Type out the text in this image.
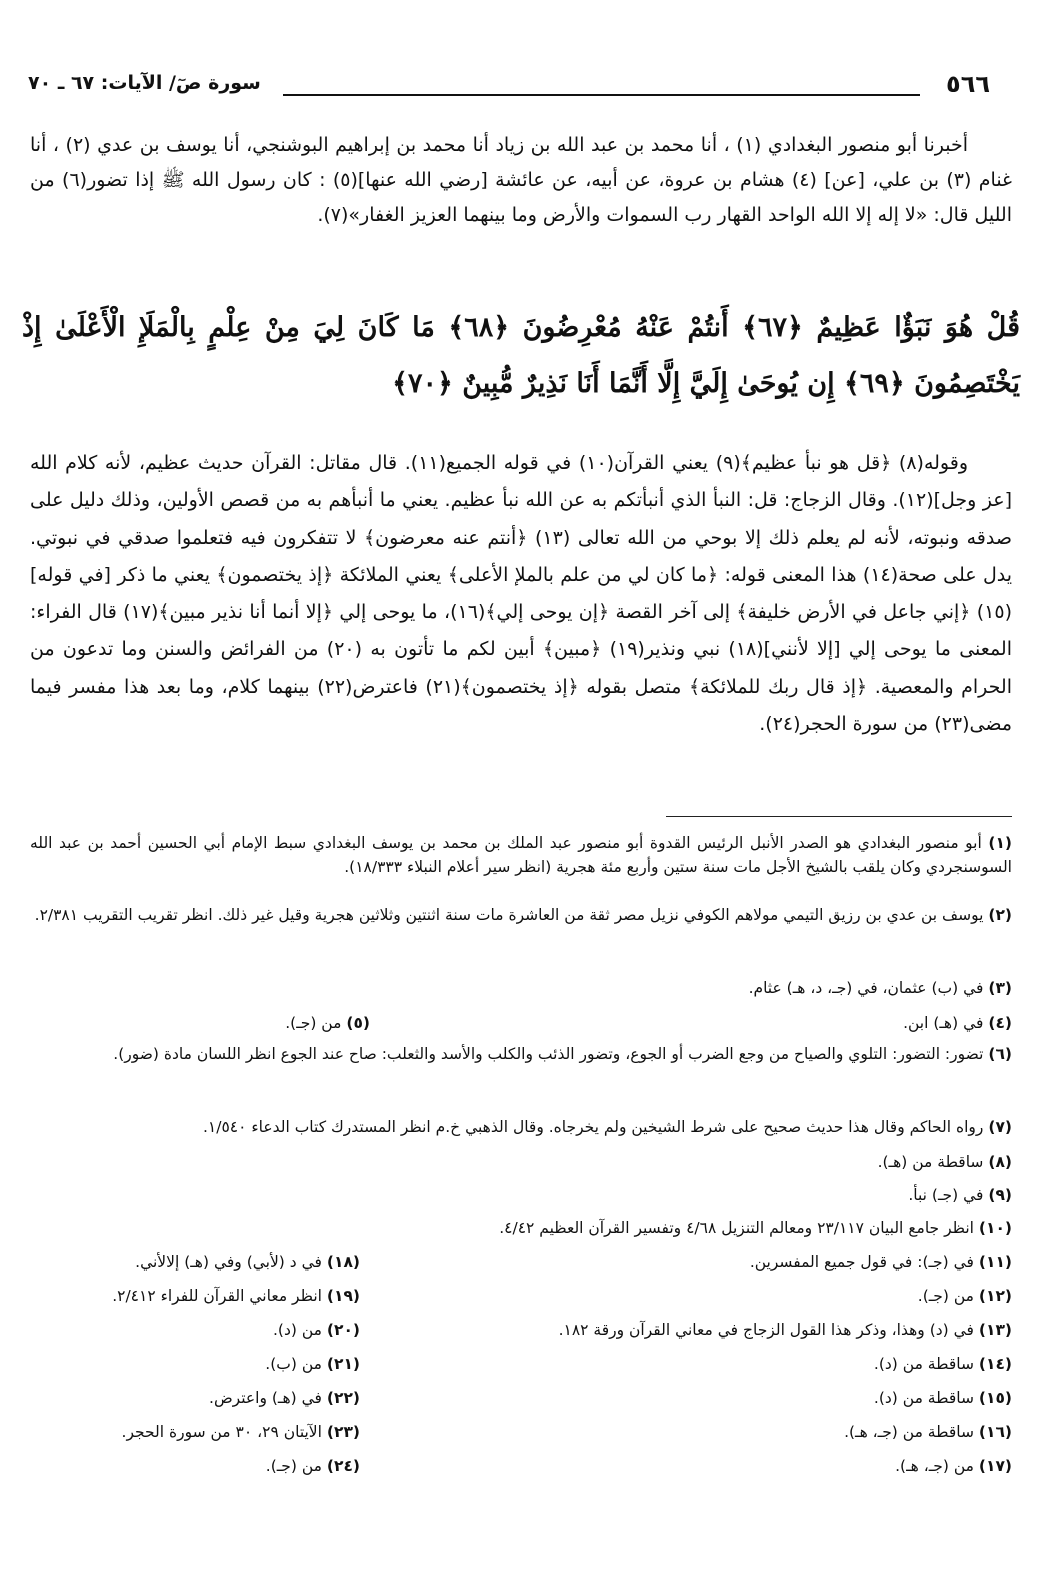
٥٦٦
سورة صٓ/ الآيات: ٦٧ ـ ٧٠

أخبرنا أبو منصور البغدادي (١) ، أنا محمد بن عبد الله بن زياد أنا محمد بن إبراهيم البوشنجي، أنا يوسف بن عدي (٢) ، أنا غنام (٣) بن علي، [عن] (٤) هشام بن عروة، عن أبيه، عن عائشة [رضي الله عنها](٥) : كان رسول الله ﷺ إذا تضور(٦) من الليل قال: «لا إله إلا الله الواحد القهار رب السموات والأرض وما بينهما العزيز الغفار»(٧).

قُلْ هُوَ نَبَؤٌا عَظِيمٌ ﴿٦٧﴾ أَنتُمْ عَنْهُ مُعْرِضُونَ ﴿٦٨﴾ مَا كَانَ لِيَ مِنْ عِلْمٍ بِالْمَلَإِ الْأَعْلَىٰ إِذْ يَخْتَصِمُونَ ﴿٦٩﴾ إِن يُوحَىٰ إِلَيَّ إِلَّا أَنَّمَا أَنَا نَذِيرٌ مُّبِينٌ ﴿٧٠﴾

وقوله(٨) ﴿قل هو نبأ عظيم﴾(٩) يعني القرآن(١٠) في قوله الجميع(١١). قال مقاتل: القرآن حديث عظيم، لأنه كلام الله [عز وجل](١٢). وقال الزجاج: قل: النبأ الذي أنبأتكم به عن الله نبأ عظيم. يعني ما أنبأهم به من قصص الأولين، وذلك دليل على صدقه ونبوته، لأنه لم يعلم ذلك إلا بوحي من الله تعالى (١٣) ﴿أنتم عنه معرضون﴾ لا تتفكرون فيه فتعلموا صدقي في نبوتي. يدل على صحة(١٤) هذا المعنى قوله: ﴿ما كان لي من علم بالملإ الأعلى﴾ يعني الملائكة ﴿إذ يختصمون﴾ يعني ما ذكر [في قوله](١٥) ﴿إني جاعل في الأرض خليفة﴾ إلى آخر القصة ﴿إن يوحى إلي﴾(١٦)، ما يوحى إلي ﴿إلا أنما أنا نذير مبين﴾(١٧) قال الفراء: المعنى ما يوحى إلي [إلا لأنني](١٨) نبي ونذير(١٩) ﴿مبين﴾ أبين لكم ما تأتون به (٢٠) من الفرائض والسنن وما تدعون من الحرام والمعصية. ﴿إذ قال ربك للملائكة﴾ متصل بقوله ﴿إذ يختصمون﴾(٢١) فاعترض(٢٢) بينهما كلام، وما بعد هذا مفسر فيما مضى(٢٣) من سورة الحجر(٢٤).

(١) أبو منصور البغدادي هو الصدر الأنبل الرئيس القدوة أبو منصور عبد الملك بن محمد بن يوسف البغدادي سبط الإمام أبي الحسين أحمد بن عبد الله السوسنجردي وكان يلقب بالشيخ الأجل مات سنة ستين وأربع مئة هجرية (انظر سير أعلام النبلاء ١٨/٣٣٣).
(٢) يوسف بن عدي بن رزيق التيمي مولاهم الكوفي نزيل مصر ثقة من العاشرة مات سنة اثنتين وثلاثين هجرية وقيل غير ذلك. انظر تقريب التقريب ٢/٣٨١.
(٣) في (ب) عثمان، في (جـ، د، هـ) عثام.
(٤) في (هـ) ابن.
(٥) من (جـ).
(٦) تضور: التضور: التلوي والصياح من وجع الضرب أو الجوع، وتضور الذئب والكلب والأسد والثعلب: صاح عند الجوع انظر اللسان مادة (ضور).
(٧) رواه الحاكم وقال هذا حديث صحيح على شرط الشيخين ولم يخرجاه. وقال الذهبي خ.م انظر المستدرك كتاب الدعاء ١/٥٤٠.
(٨) ساقطة من (هـ).
(٩) في (جـ) نبأ.
(١٠) انظر جامع البيان ٢٣/١١٧ ومعالم التنزيل ٤/٦٨ وتفسير القرآن العظيم ٤/٤٢.
(١١) في (جـ): في قول جميع المفسرين.
(١٢) من (جـ).
(١٣) في (د) وهذا، وذكر هذا القول الزجاج في معاني القرآن ورقة ١٨٢.
(١٤) ساقطة من (د).
(١٥) ساقطة من (د).
(١٦) ساقطة من (جـ، هـ).
(١٧) من (جـ، هـ).
(١٨) في د (لأبي) وفي (هـ) إلالأني.
(١٩) انظر معاني القرآن للفراء ٢/٤١٢.
(٢٠) من (د).
(٢١) من (ب).
(٢٢) في (هـ) واعترض.
(٢٣) الآيتان ٢٩، ٣٠ من سورة الحجر.
(٢٤) من (جـ).
